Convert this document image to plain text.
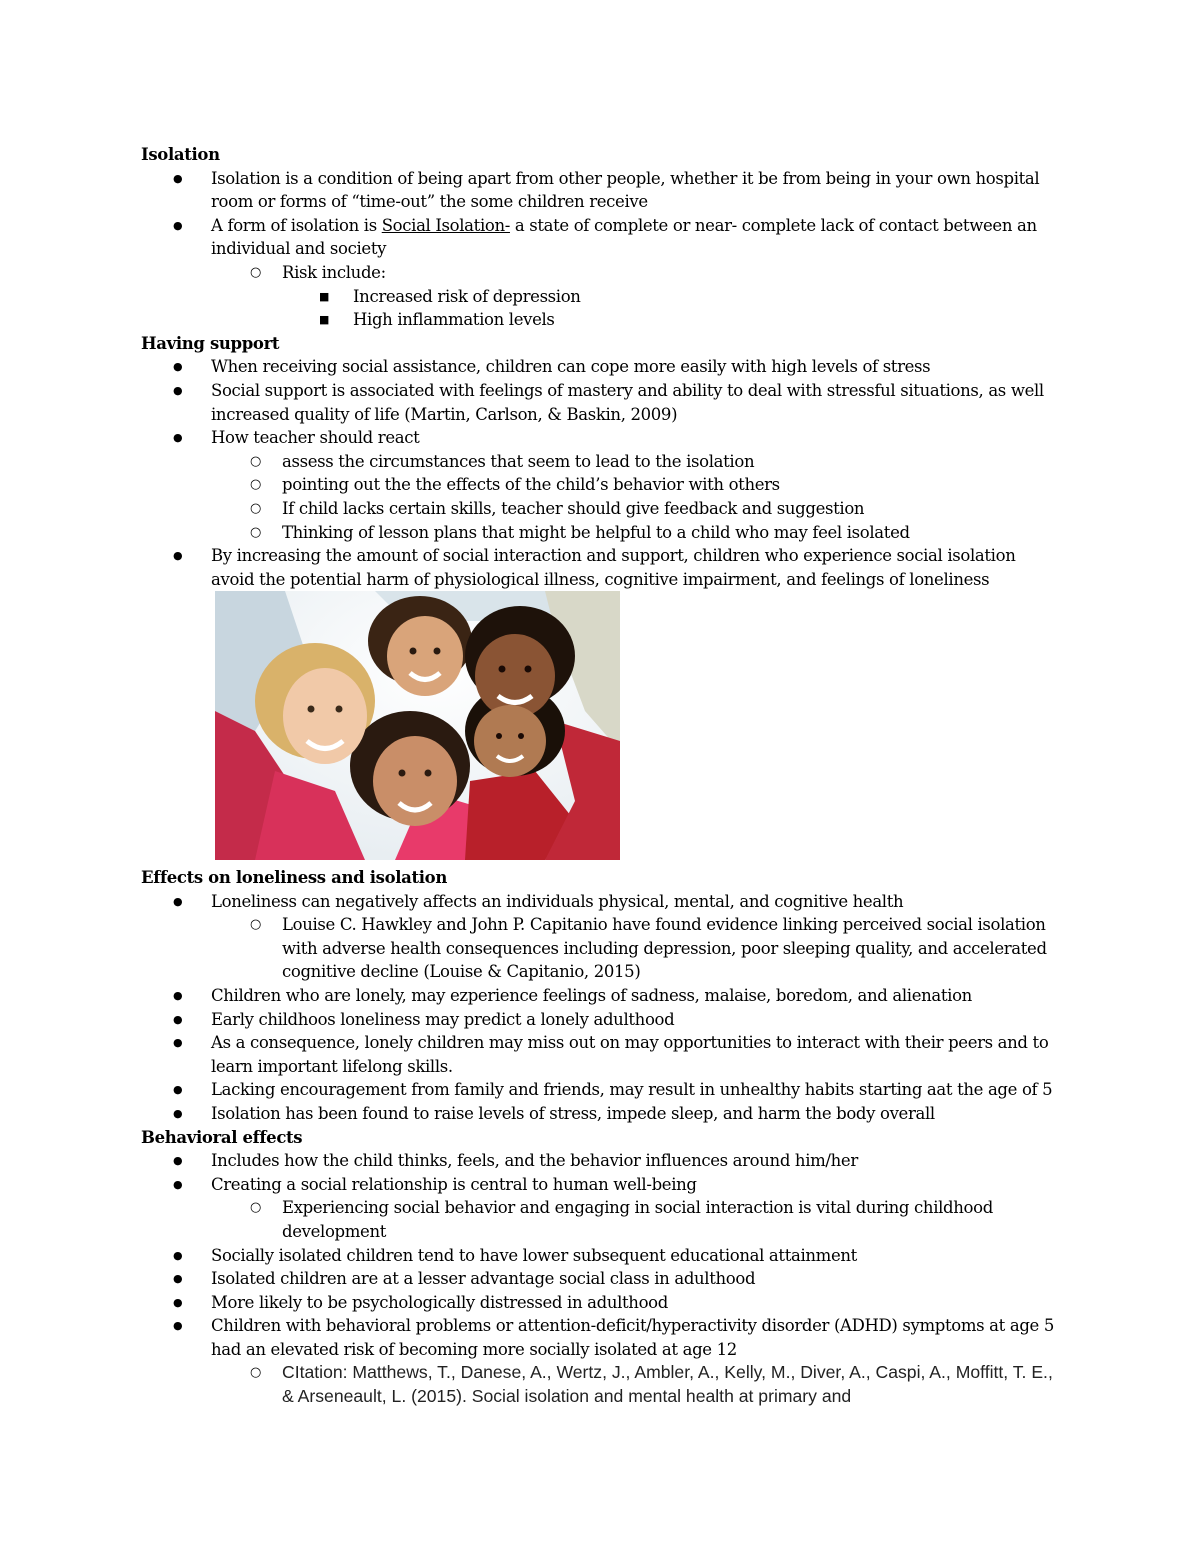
Isolation
● Isolation is a condition of being apart from other people, whether it be from being in your own hospital room or forms of “time-out” the some children receive
● A form of isolation is Social Isolation- a state of complete or near- complete lack of contact between an individual and society
○ Risk include:
■ Increased risk of depression
■ High inflammation levels
Having support
● When receiving social assistance, children can cope more easily with high levels of stress
● Social support is associated with feelings of mastery and ability to deal with stressful situations, as well increased quality of life (Martin, Carlson, & Baskin, 2009)
● How teacher should react
○ assess the circumstances that seem to lead to the isolation
○ pointing out the the effects of the child’s behavior with others
○ If child lacks certain skills, teacher should give feedback and suggestion
○ Thinking of lesson plans that might be helpful to a child who may feel isolated
● By increasing the amount of social interaction and support, children who experience social isolation avoid the potential harm of physiological illness, cognitive impairment, and feelings of loneliness
Effects on loneliness and isolation
● Loneliness can negatively affects an individuals physical, mental, and cognitive health
○ Louise C. Hawkley and John P. Capitanio have found evidence linking perceived social isolation with adverse health consequences including depression, poor sleeping quality, and accelerated cognitive decline (Louise & Capitanio, 2015)
● Children who are lonely, may ezperience feelings of sadness, malaise, boredom, and alienation
● Early childhoos loneliness may predict a lonely adulthood
● As a consequence, lonely children may miss out on may opportunities to interact with their peers and to learn important lifelong skills.
● Lacking encouragement from family and friends, may result in unhealthy habits starting aat the age of 5
● Isolation has been found to raise levels of stress, impede sleep, and harm the body overall
Behavioral effects
● Includes how the child thinks, feels, and the behavior influences around him/her
● Creating a social relationship is central to human well-being
○ Experiencing social behavior and engaging in social interaction is vital during childhood development
● Socially isolated children tend to have lower subsequent educational attainment
● Isolated children are at a lesser advantage social class in adulthood
● More likely to be psychologically distressed in adulthood
● Children with behavioral problems or attention-deficit/hyperactivity disorder (ADHD) symptoms at age 5 had an elevated risk of becoming more socially isolated at age 12
○ CItation: Matthews, T., Danese, A., Wertz, J., Ambler, A., Kelly, M., Diver, A., Caspi, A., Moffitt, T. E., & Arseneault, L. (2015). Social isolation and mental health at primary and
